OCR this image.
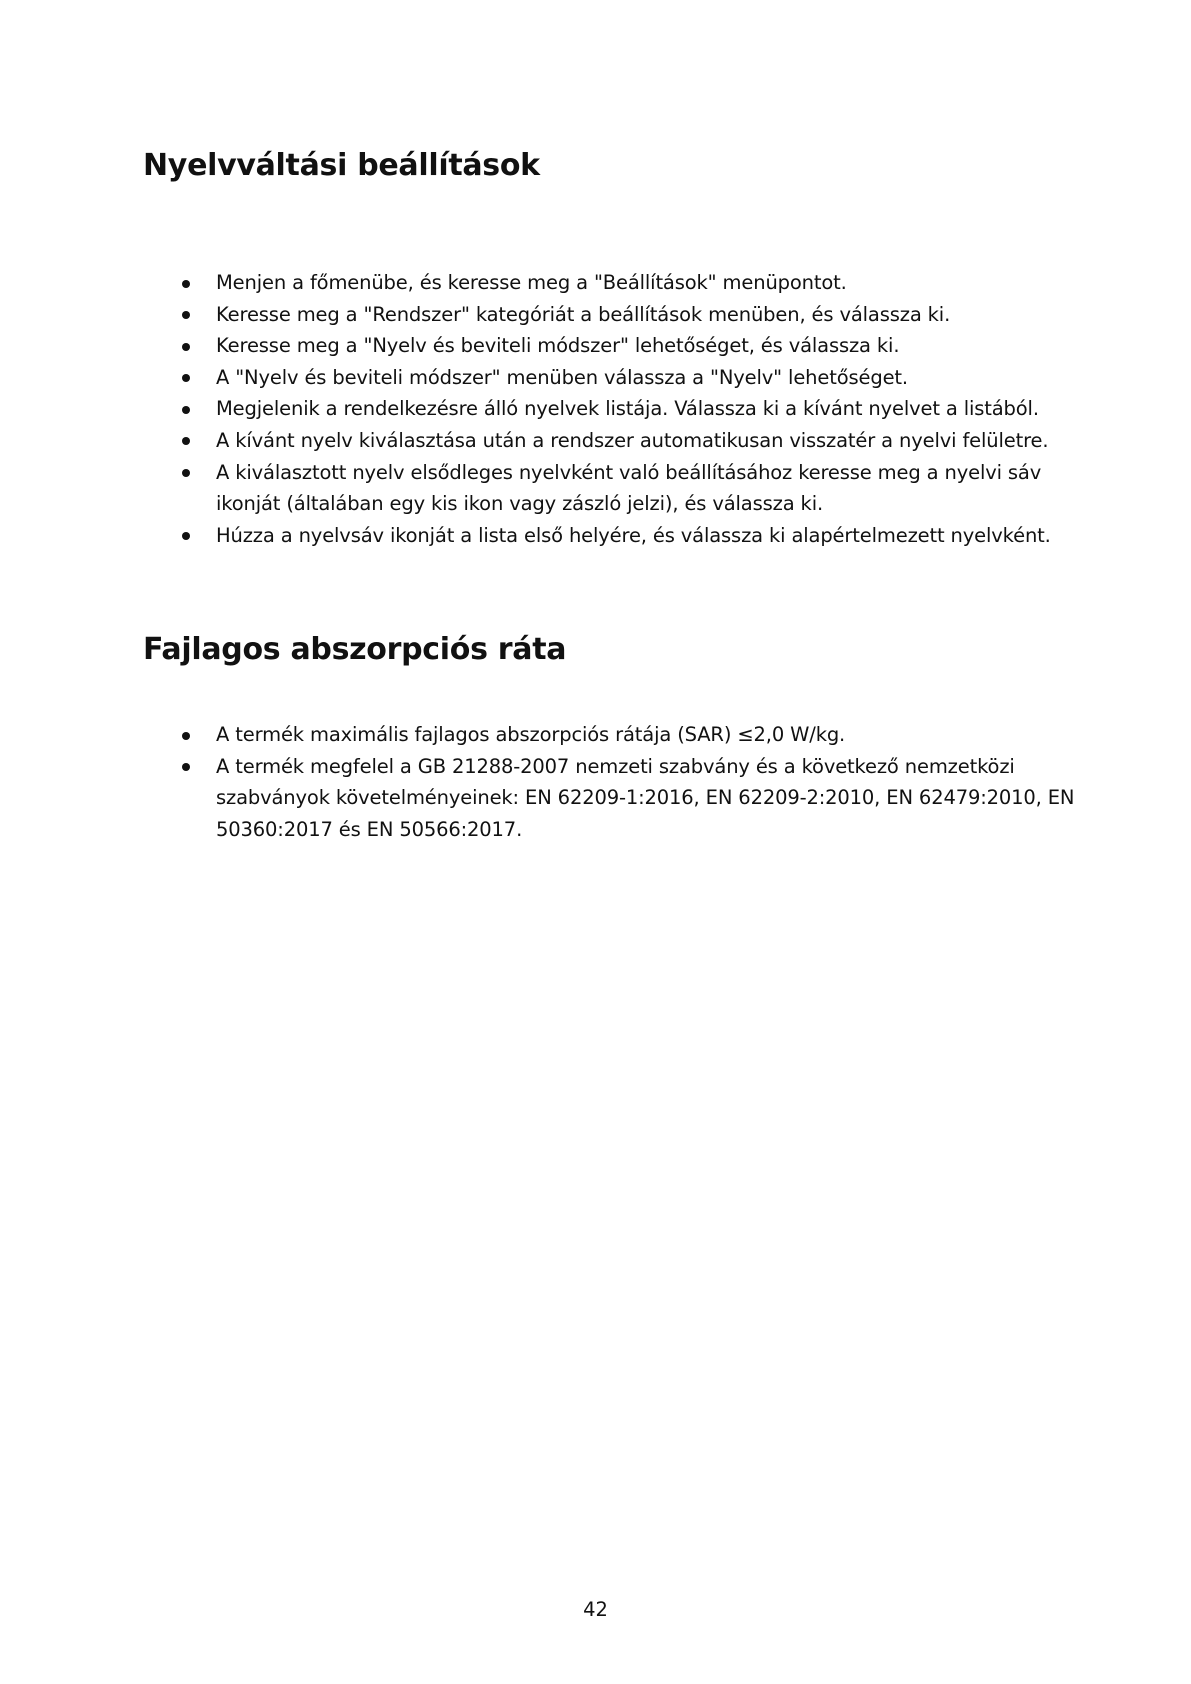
Nyelvváltási beállítások
Menjen a főmenübe, és keresse meg a "Beállítások" menüpontot.
Keresse meg a "Rendszer" kategóriát a beállítások menüben, és válassza ki.
Keresse meg a "Nyelv és beviteli módszer" lehetőséget, és válassza ki.
A "Nyelv és beviteli módszer" menüben válassza a "Nyelv" lehetőséget.
Megjelenik a rendelkezésre álló nyelvek listája. Válassza ki a kívánt nyelvet a listából.
A kívánt nyelv kiválasztása után a rendszer automatikusan visszatér a nyelvi felületre.
A kiválasztott nyelv elsődleges nyelvként való beállításához keresse meg a nyelvi sáv ikonját (általában egy kis ikon vagy zászló jelzi), és válassza ki.
Húzza a nyelvsáv ikonját a lista első helyére, és válassza ki alapértelmezett nyelvként.
Fajlagos abszorpciós ráta
A termék maximális fajlagos abszorpciós rátája (SAR) ≤2,0 W/kg.
A termék megfelel a GB 21288-2007 nemzeti szabvány és a következő nemzetközi szabványok követelményeinek: EN 62209-1:2016, EN 62209-2:2010, EN 62479:2010, EN 50360:2017 és EN 50566:2017.
42
